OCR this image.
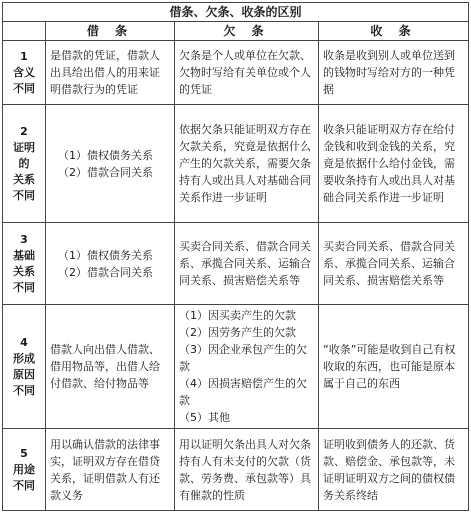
借条、欠条、收条的区别			
	借 条	欠 条	收 条

1
含义
不同	是借款的凭证，借款人出具给出借人的用来证明借款行为的凭证	欠条是个人或单位在欠款、欠物时写给有关单位或个人的凭证	收条是收到别人或单位送到的钱物时写给对方的一种凭据

2
证明
的
关系
不同	（1）债权债务关系
（2）借款合同关系	依据欠条只能证明双方存在欠款关系，究竟是依据什么产生的欠款关系，需要欠条持有人或出具人对基础合同关系作进一步证明	收条只能证明双方存在给付金钱和收到金钱的关系，究竟是依据什么给付金钱，需要收条持有人或出具人对基础合同关系作进一步证明

3
基础
关系
不同	（1）债权债务关系
（2）借款合同关系	买卖合同关系、借款合同关系、承揽合同关系、运输合同关系、损害赔偿关系等	买卖合同关系、借款合同关系、承揽合同关系、运输合同关系、损害赔偿关系等

4
形成
原因
不同	借款人向出借人借款、借用物品等，出借人给付借款、给付物品等	（1）因买卖产生的欠款
（2）因劳务产生的欠款
（3）因企业承包产生的欠款
（4）因损害赔偿产生的欠款
（5）其他	“收条”可能是收到自己有权收取的东西，也可能是原本属于自己的东西

5
用途
不同	用以确认借款的法律事实，证明双方存在借贷关系，证明借款人有还款义务	用以证明欠条出具人对欠条持有人有未支付的欠款（货款、劳务费、承包款等）具有催款的性质	证明收到债务人的还款、货款、赔偿金、承包款等，未证明证明双方之间的债权债务关系终结
